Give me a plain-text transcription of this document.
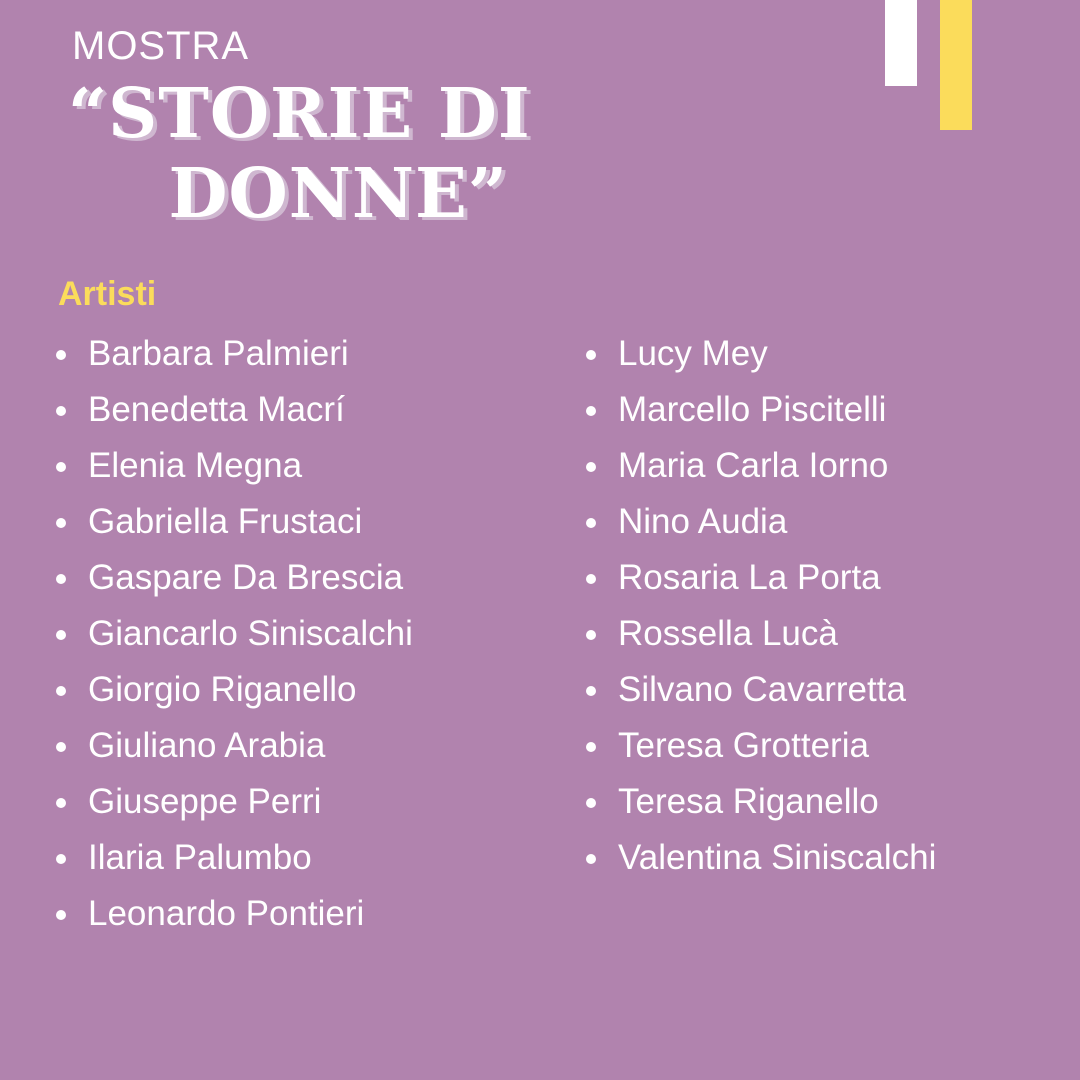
MOSTRA

“STORIE DI
DONNE”
Artisti
Barbara Palmieri
Benedetta Macrí
Elenia Megna
Gabriella Frustaci
Gaspare Da Brescia
Giancarlo Siniscalchi
Giorgio Riganello
Giuliano Arabia
Giuseppe Perri
Ilaria Palumbo
Leonardo Pontieri
Lucy Mey
Marcello Piscitelli
Maria Carla Iorno
Nino Audia
Rosaria La Porta
Rossella Lucà
Silvano Cavarretta
Teresa Grotteria
Teresa Riganello
Valentina Siniscalchi
